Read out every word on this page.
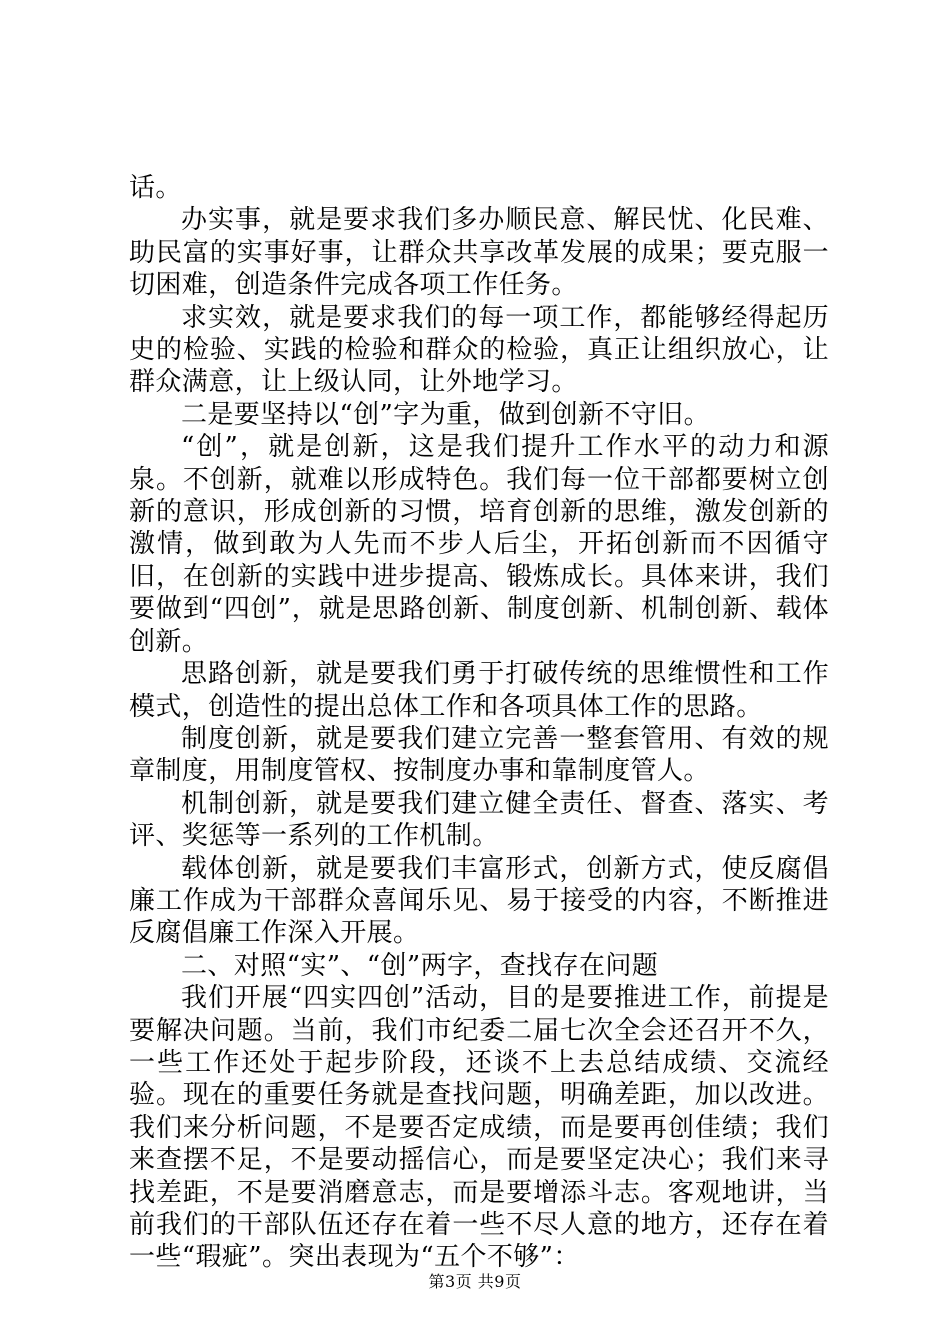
话。

办实事，就是要求我们多办顺民意、解民忧、化民难、助民富的实事好事，让群众共享改革发展的成果；要克服一切困难，创造条件完成各项工作任务。

求实效，就是要求我们的每一项工作，都能够经得起历史的检验、实践的检验和群众的检验，真正让组织放心，让群众满意，让上级认同，让外地学习。

二是要坚持以“创”字为重，做到创新不守旧。

“创”，就是创新，这是我们提升工作水平的动力和源泉。不创新，就难以形成特色。我们每一位干部都要树立创新的意识，形成创新的习惯，培育创新的思维，激发创新的激情，做到敢为人先而不步人后尘，开拓创新而不因循守旧，在创新的实践中进步提高、锻炼成长。具体来讲，我们要做到“四创”，就是思路创新、制度创新、机制创新、载体创新。

思路创新，就是要我们勇于打破传统的思维惯性和工作模式，创造性的提出总体工作和各项具体工作的思路。

制度创新，就是要我们建立完善一整套管用、有效的规章制度，用制度管权、按制度办事和靠制度管人。

机制创新，就是要我们建立健全责任、督查、落实、考评、奖惩等一系列的工作机制。

载体创新，就是要我们丰富形式，创新方式，使反腐倡廉工作成为干部群众喜闻乐见、易于接受的内容，不断推进反腐倡廉工作深入开展。

二、对照“实”、“创”两字，查找存在问题

我们开展“四实四创”活动，目的是要推进工作，前提是要解决问题。当前，我们市纪委二届七次全会还召开不久，一些工作还处于起步阶段，还谈不上去总结成绩、交流经验。现在的重要任务就是查找问题，明确差距，加以改进。我们来分析问题，不是要否定成绩，而是要再创佳绩；我们来查摆不足，不是要动摇信心，而是要坚定决心；我们来寻找差距，不是要消磨意志，而是要增添斗志。客观地讲，当前我们的干部队伍还存在着一些不尽人意的地方，还存在着一些“瑕疵”。突出表现为“五个不够”：

第3页 共9页
